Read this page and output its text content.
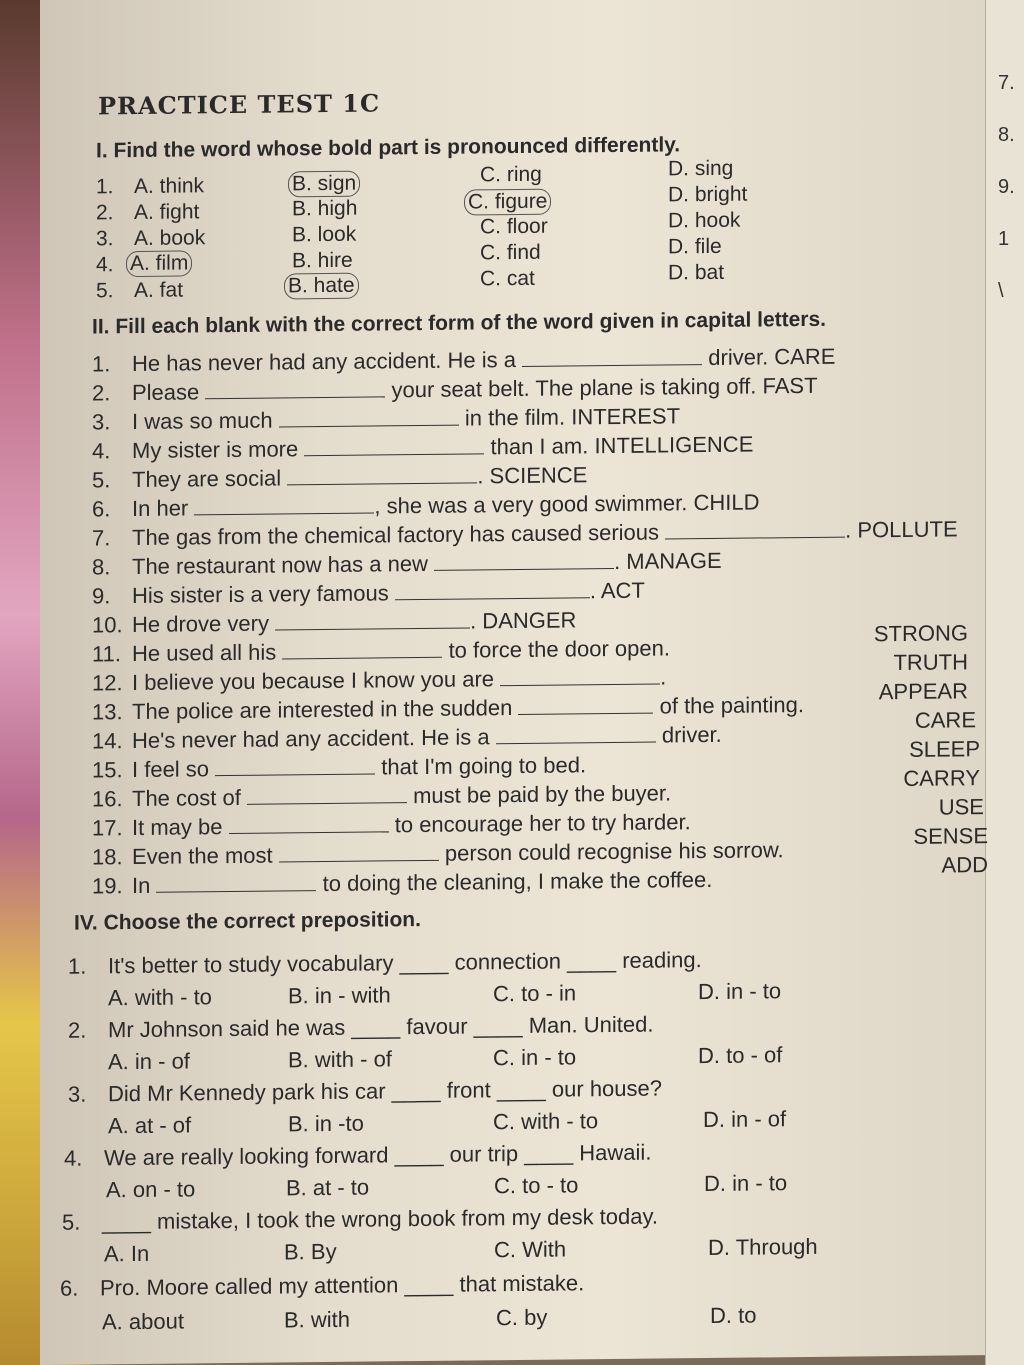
7.
8.
9.
1
\
PRACTICE TEST 1C
I. Find the word whose bold part is pronounced differently.
1. A. think	B. sign	C. ring	D. sing
2. A. fight	B. high	C. figure	D. bright
3. A. book	B. look	C. floor	D. hook
4. A. film	B. hire	C. find	D. file
5. A. fat	B. hate	C. cat	D. bat
II. Fill each blank with the correct form of the word given in capital letters.
1. He has never had any accident. He is a	driver. CARE
2. Please	your seat belt. The plane is taking off. FAST
3. I was so much	in the film. INTEREST
4. My sister is more	than I am. INTELLIGENCE
5. They are social	. SCIENCE
6. In her	, she was a very good swimmer. CHILD
7. The gas from the chemical factory has caused serious	. POLLUTE
8. The restaurant now has a new	. MANAGE
9. His sister is a very famous	. ACT
10. He drove very	. DANGER
11. He used all his	to force the door open.
12. I believe you because I know you are	.
13. The police are interested in the sudden	of the painting.
14. He's never had any accident. He is a	driver.
15. I feel so	that I'm going to bed.
16. The cost of	must be paid by the buyer.
17. It may be	to encourage her to try harder.
18. Even the most	person could recognise his sorrow.
19. In	to doing the cleaning, I make the coffee.
STRONG
TRUTH
APPEAR
CARE
SLEEP
CARRY
USE
SENSE
ADD
IV. Choose the correct preposition.
1. It's better to study vocabulary ____ connection ____ reading.
A. with - to	B. in - with	C. to - in	D. in - to
2. Mr Johnson said he was ____ favour ____ Man. United.
A. in - of	B. with - of	C. in - to	D. to - of
3. Did Mr Kennedy park his car ____ front ____ our house?
A. at - of	B. in -to	C. with - to	D. in - of
4. We are really looking forward ____ our trip ____ Hawaii.
A. on - to	B. at - to	C. to - to	D. in - to
5. ____ mistake, I took the wrong book from my desk today.
A. In	B. By	C. With	D. Through
6. Pro. Moore called my attention ____ that mistake.
A. about	B. with	C. by	D. to
